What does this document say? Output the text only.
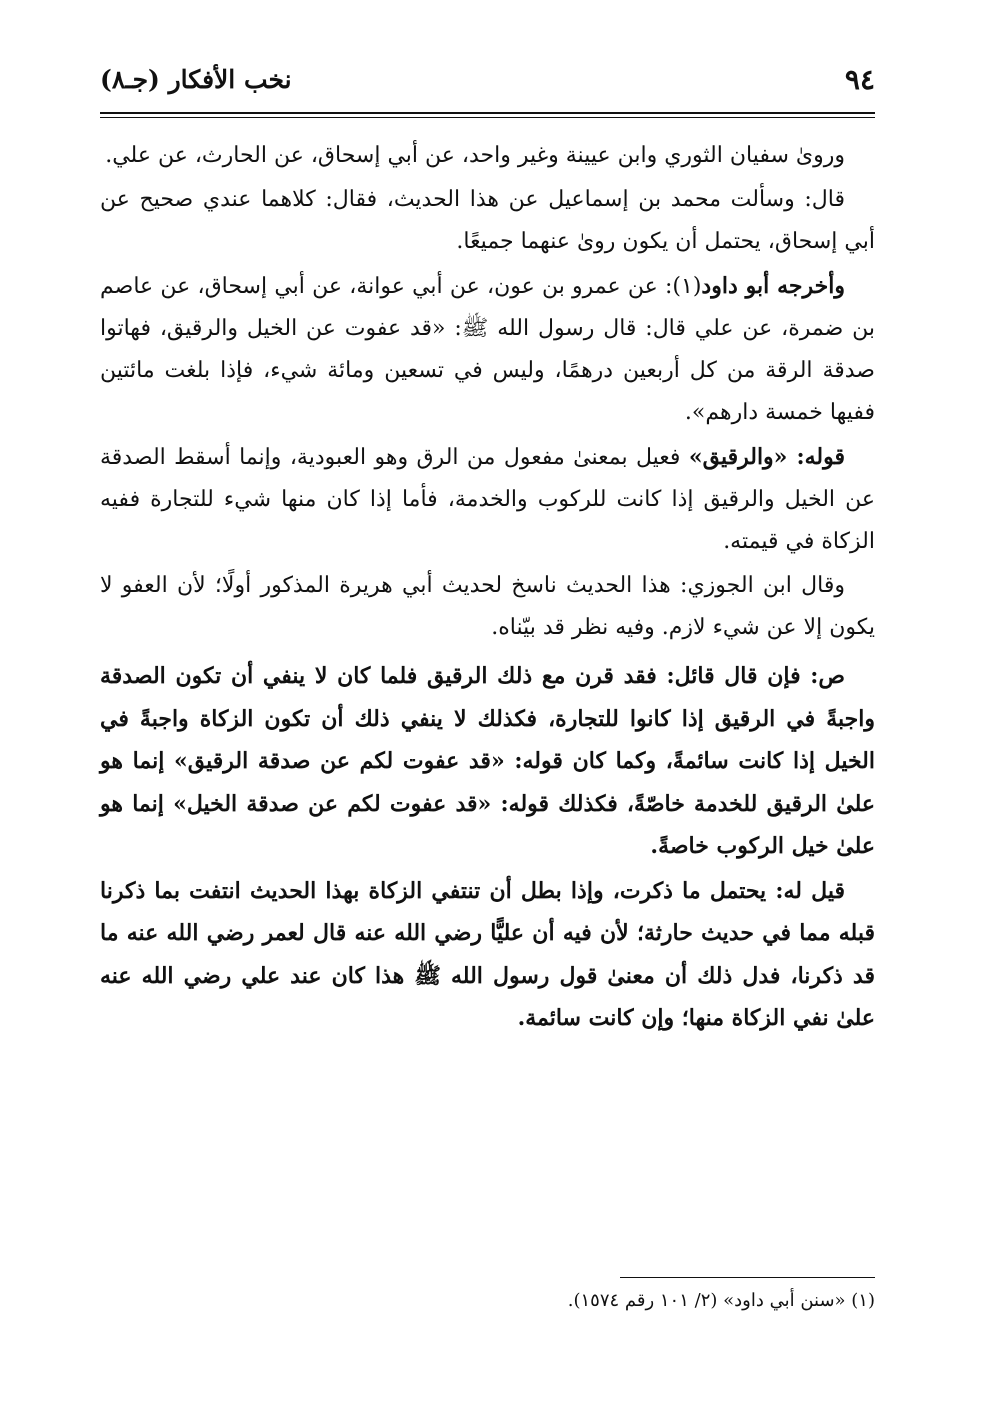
٩٤
نخب الأفكار (جـ٨)

وروىٰ سفيان الثوري وابن عيينة وغير واحد، عن أبي إسحاق، عن الحارث، عن علي.

قال: وسألت محمد بن إسماعيل عن هذا الحديث، فقال: كلاهما عندي صحيح عن أبي إسحاق، يحتمل أن يكون روىٰ عنهما جميعًا.

وأخرجه أبو داود(١): عن عمرو بن عون، عن أبي عوانة، عن أبي إسحاق، عن عاصم بن ضمرة، عن علي قال: قال رسول الله ﷺ: «قد عفوت عن الخيل والرقيق، فهاتوا صدقة الرقة من كل أربعين درهمًا، وليس في تسعين ومائة شيء، فإذا بلغت مائتين ففيها خمسة دارهم».

قوله: «والرقيق» فعيل بمعنىٰ مفعول من الرق وهو العبودية، وإنما أسقط الصدقة عن الخيل والرقيق إذا كانت للركوب والخدمة، فأما إذا كان منها شيء للتجارة ففيه الزكاة في قيمته.

وقال ابن الجوزي: هذا الحديث ناسخ لحديث أبي هريرة المذكور أولًا؛ لأن العفو لا يكون إلا عن شيء لازم. وفيه نظر قد بيّناه.

ص: فإن قال قائل: فقد قرن مع ذلك الرقيق فلما كان لا ينفي أن تكون الصدقة واجبةً في الرقيق إذا كانوا للتجارة، فكذلك لا ينفي ذلك أن تكون الزكاة واجبةً في الخيل إذا كانت سائمةً، وكما كان قوله: «قد عفوت لكم عن صدقة الرقيق» إنما هو علىٰ الرقيق للخدمة خاصّةً، فكذلك قوله: «قد عفوت لكم عن صدقة الخيل» إنما هو علىٰ خيل الركوب خاصةً.

قيل له: يحتمل ما ذكرت، وإذا بطل أن تنتفي الزكاة بهذا الحديث انتفت بما ذكرنا قبله مما في حديث حارثة؛ لأن فيه أن عليًّا رضي الله عنه قال لعمر رضي الله عنه ما قد ذكرنا، فدل ذلك أن معنىٰ قول رسول الله ﷺ هذا كان عند علي رضي الله عنه علىٰ نفي الزكاة منها؛ وإن كانت سائمة.

(١) «سنن أبي داود» (٢/ ١٠١ رقم ١٥٧٤).
